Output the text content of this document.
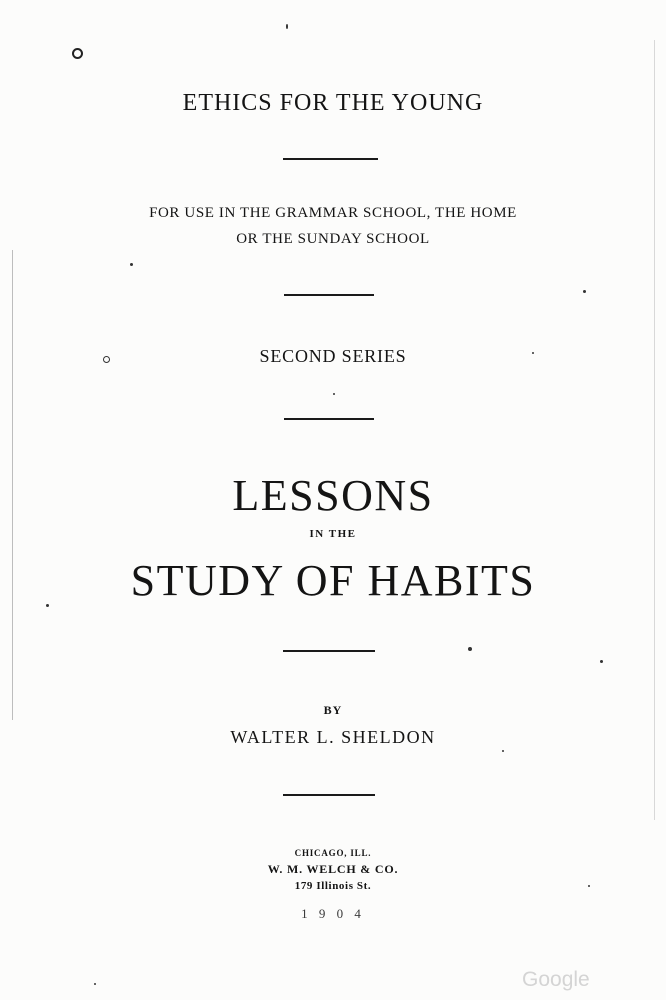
ETHICS FOR THE YOUNG
FOR USE IN THE GRAMMAR SCHOOL, THE HOME
OR THE SUNDAY SCHOOL
SECOND SERIES
LESSONS
IN THE
STUDY OF HABITS
BY
WALTER L. SHELDON
CHICAGO, ILL.
W. M. WELCH & CO.
179 Illinois St.
1 9 0 4
Google
